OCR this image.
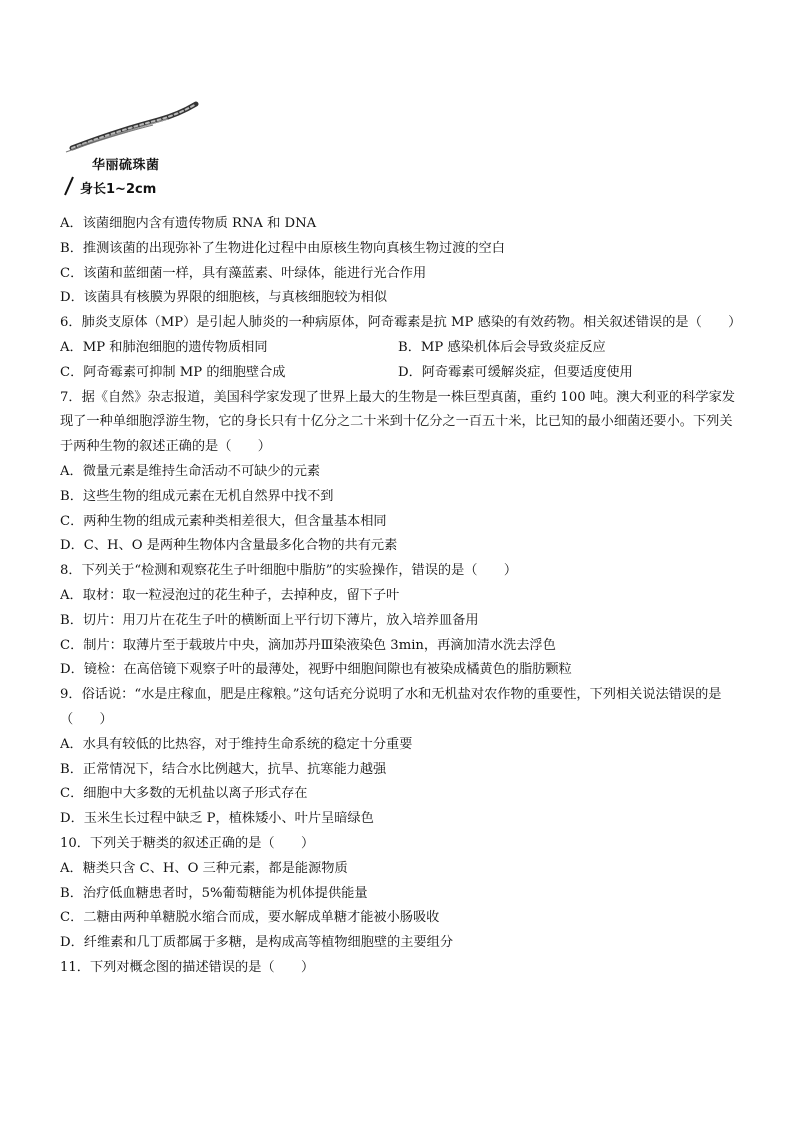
华丽硫珠菌
身长1~2cm
A．该菌细胞内含有遗传物质 RNA 和 DNA
B．推测该菌的出现弥补了生物进化过程中由原核生物向真核生物过渡的空白
C．该菌和蓝细菌一样，具有藻蓝素、叶绿体，能进行光合作用
D．该菌具有核膜为界限的细胞核，与真核细胞较为相似
6．肺炎支原体（MP）是引起人肺炎的一种病原体，阿奇霉素是抗 MP 感染的有效药物。相关叙述错误的是（　　）
A．MP 和肺泡细胞的遗传物质相同	B．MP 感染机体后会导致炎症反应
C．阿奇霉素可抑制 MP 的细胞壁合成	D．阿奇霉素可缓解炎症，但要适度使用
7．据《自然》杂志报道，美国科学家发现了世界上最大的生物是一株巨型真菌，重约 100 吨。澳大利亚的科学家发现了一种单细胞浮游生物，它的身长只有十亿分之二十米到十亿分之一百五十米，比已知的最小细菌还要小。下列关于两种生物的叙述正确的是（　　）
A．微量元素是维持生命活动不可缺少的元素
B．这些生物的组成元素在无机自然界中找不到
C．两种生物的组成元素种类相差很大，但含量基本相同
D．C、H、O 是两种生物体内含量最多化合物的共有元素
8．下列关于“检测和观察花生子叶细胞中脂肪”的实验操作，错误的是（　　）
A．取材：取一粒浸泡过的花生种子，去掉种皮，留下子叶
B．切片：用刀片在花生子叶的横断面上平行切下薄片，放入培养皿备用
C．制片：取薄片至于载玻片中央，滴加苏丹Ⅲ染液染色 3min，再滴加清水洗去浮色
D．镜检：在高倍镜下观察子叶的最薄处，视野中细胞间隙也有被染成橘黄色的脂肪颗粒
9．俗话说：“水是庄稼血，肥是庄稼粮。”这句话充分说明了水和无机盐对农作物的重要性，下列相关说法错误的是（　　）
A．水具有较低的比热容，对于维持生命系统的稳定十分重要
B．正常情况下，结合水比例越大，抗旱、抗寒能力越强
C．细胞中大多数的无机盐以离子形式存在
D．玉米生长过程中缺乏 P，植株矮小、叶片呈暗绿色
10．下列关于糖类的叙述正确的是（　　）
A．糖类只含 C、H、O 三种元素，都是能源物质
B．治疗低血糖患者时，5%葡萄糖能为机体提供能量
C．二糖由两种单糖脱水缩合而成，要水解成单糖才能被小肠吸收
D．纤维素和几丁质都属于多糖，是构成高等植物细胞壁的主要组分
11．下列对概念图的描述错误的是（　　）
